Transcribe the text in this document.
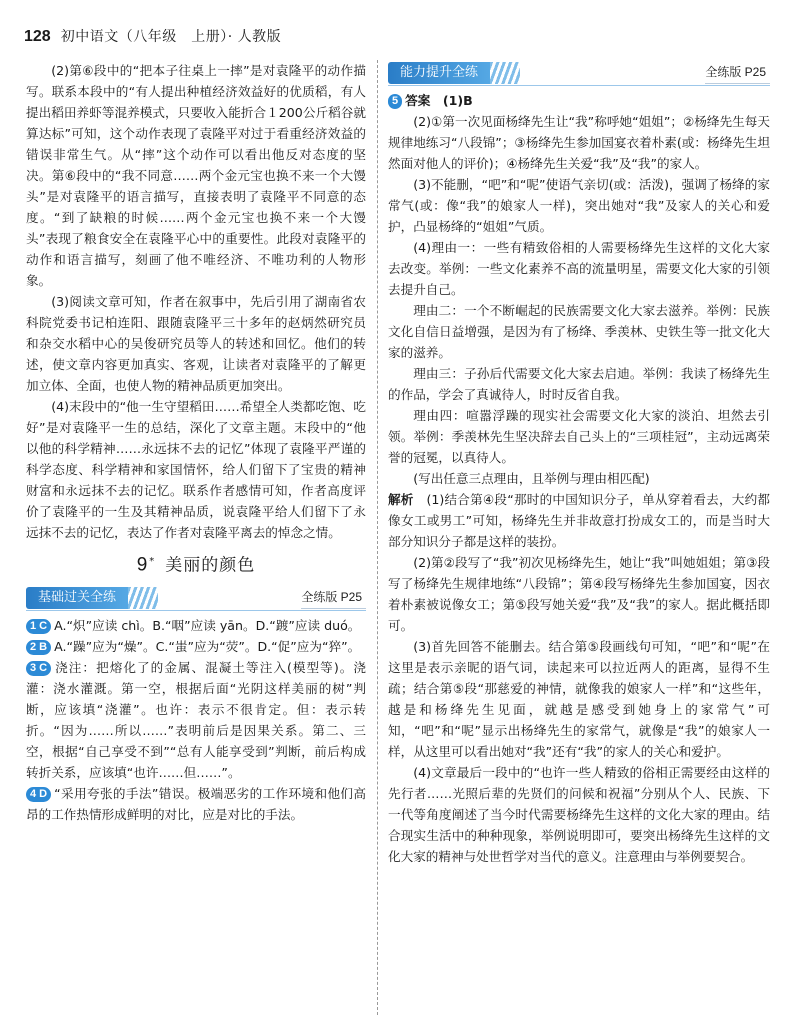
128 初中语文（八年级　上册）· 人教版

(2)第⑥段中的“把本子往桌上一摔”是对袁隆平的动作描写。联系本段中的“有人提出种植经济效益好的优质稻，有人提出稻田养虾等混养模式，只要收入能折合１200公斤稻谷就算达标”可知，这个动作表现了袁隆平对过于看重经济效益的错误非常生气。从“摔”这个动作可以看出他反对态度的坚决。第⑥段中的“我不同意……两个金元宝也换不来一个大馒头”是对袁隆平的语言描写，直接表明了袁隆平不同意的态度。“到了缺粮的时候……两个金元宝也换不来一个大馒头”表现了粮食安全在袁隆平心中的重要性。此段对袁隆平的动作和语言描写，刻画了他不唯经济、不唯功利的人物形象。

(3)阅读文章可知，作者在叙事中，先后引用了湖南省农科院党委书记柏连阳、跟随袁隆平三十多年的赵炳然研究员和杂交水稻中心的吴俊研究员等人的转述和回忆。他们的转述，使文章内容更加真实、客观，让读者对袁隆平的了解更加立体、全面，也使人物的精神品质更加突出。

(4)末段中的“他一生守望稻田……希望全人类都吃饱、吃好”是对袁隆平一生的总结，深化了文章主题。末段中的“他以他的科学精神……永远抹不去的记忆”体现了袁隆平严谨的科学态度、科学精神和家国情怀，给人们留下了宝贵的精神财富和永远抹不去的记忆。联系作者感情可知，作者高度评价了袁隆平的一生及其精神品质，说袁隆平给人们留下了永远抹不去的记忆，表达了作者对袁隆平离去的悼念之情。

9* 美丽的颜色
基础过关全练	全练版 P25

1 C A.“炽”应读 chì。B.“咽”应读 yān。D.“踱”应读 duó。

2 B A.“躁”应为“燥”。C.“蚩”应为“荧”。D.“促”应为“猝”。

3 C 浇注：把熔化了的金属、混凝土等注入(模型等)。浇灌：浇水灌溉。第一空，根据后面“光阴这样美丽的树”判断，应该填“浇灌”。也许：表示不很肯定。但：表示转折。“因为……所以……”表明前后是因果关系。第二、三空，根据“自己享受不到”“总有人能享受到”判断，前后构成转折关系，应该填“也许……但……”。

4 D “采用夸张的手法”错误。极端恶劣的工作环境和他们高昂的工作热情形成鲜明的对比，应是对比的手法。

能力提升全练	全练版 P25

5 答案　 (1)B

(2)①第一次见面杨绛先生让“我”称呼她“姐姐”；②杨绛先生每天规律地练习“八段锦”；③杨绛先生参加国宴衣着朴素(或：杨绛先生坦然面对他人的评价)；④杨绛先生关爱“我”及“我”的家人。

(3)不能删，“吧”和“呢”使语气亲切(或：活泼)，强调了杨绛的家常气(或：像“我”的娘家人一样)，突出她对“我”及家人的关心和爱护，凸显杨绛的“姐姐”气质。

(4)理由一：一些有精致俗相的人需要杨绛先生这样的文化大家去改变。举例：一些文化素养不高的流量明星，需要文化大家的引领去提升自己。

理由二：一个不断崛起的民族需要文化大家去滋养。举例：民族文化自信日益增强，是因为有了杨绛、季羡林、史铁生等一批文化大家的滋养。

理由三：子孙后代需要文化大家去启迪。举例：我读了杨绛先生的作品，学会了真诚待人，时时反省自我。

理由四：喧嚣浮躁的现实社会需要文化大家的淡泊、坦然去引领。举例：季羡林先生坚决辞去自己头上的“三项桂冠”，主动远离荣誉的冠冕，以真待人。

(写出任意三点理由，且举例与理由相匹配)

解析　 (1)结合第④段“那时的中国知识分子，单从穿着看去，大约都像女工或男工”可知，杨绛先生并非故意打扮成女工的，而是当时大部分知识分子都是这样的装扮。

(2)第②段写了“我”初次见杨绛先生，她让“我”叫她姐姐；第③段写了杨绛先生规律地练“八段锦”；第④段写杨绛先生参加国宴，因衣着朴素被说像女工；第⑤段写她关爱“我”及“我”的家人。据此概括即可。

(3)首先回答不能删去。结合第⑤段画线句可知，“吧”和“呢”在这里是表示亲昵的语气词，读起来可以拉近两人的距离，显得不生疏；结合第⑤段“那慈爱的神情，就像我的娘家人一样”和“这些年，越是和杨绛先生见面，就越是感受到她身上的家常气”可知，“吧”和“呢”显示出杨绛先生的家常气，就像是“我”的娘家人一样，从这里可以看出她对“我”还有“我”的家人的关心和爱护。

(4)文章最后一段中的“也许一些人精致的俗相正需要经由这样的先行者……光照后辈的先贤们的问候和祝福”分别从个人、民族、下一代等角度阐述了当今时代需要杨绛先生这样的文化大家的理由。结合现实生活中的种种现象，举例说明即可，要突出杨绛先生这样的文化大家的精神与处世哲学对当代的意义。注意理由与举例要契合。
